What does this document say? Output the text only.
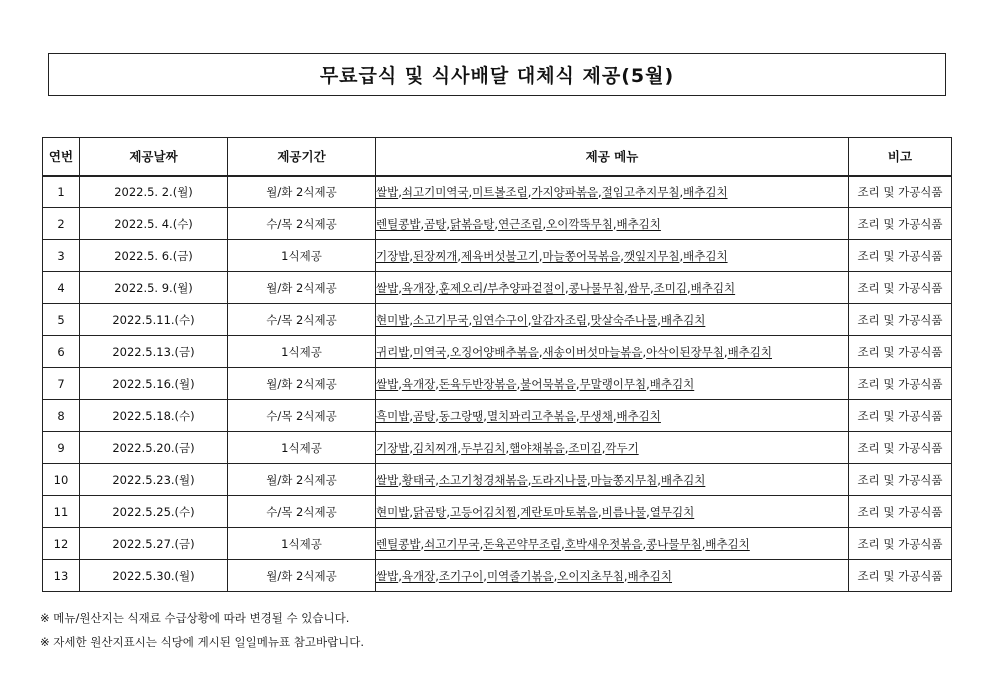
무료급식 및 식사배달 대체식 제공(5월)
연번	제공날짜	제공기간	제공 메뉴	비고
1	2022.5. 2.(월)	월/화 2식제공	쌀밥,쇠고기미역국,미트볼조림,가지양파볶음,절임고추지무침,배추김치	조리 및 가공식품
2	2022.5. 4.(수)	수/목 2식제공	렌틸콩밥,곰탕,닭볶음탕,연근조림,오이깍뚝무침,배추김치	조리 및 가공식품
3	2022.5. 6.(금)	1식제공	기장밥,된장찌개,제육버섯불고기,마늘쫑어묵볶음,깻잎지무침,배추김치	조리 및 가공식품
4	2022.5. 9.(월)	월/화 2식제공	쌀밥,육개장,훈제오리/부추양파겉절이,콩나물무침,쌈무,조미김,배추김치	조리 및 가공식품
5	2022.5.11.(수)	수/목 2식제공	현미밥,소고기무국,임연수구이,알감자조림,맛살숙주나물,배추김치	조리 및 가공식품
6	2022.5.13.(금)	1식제공	귀리밥,미역국,오징어양배추볶음,새송이버섯마늘볶음,아삭이된장무침,배추김치	조리 및 가공식품
7	2022.5.16.(월)	월/화 2식제공	쌀밥,육개장,돈육두반장볶음,불어묵볶음,무말랭이무침,배추김치	조리 및 가공식품
8	2022.5.18.(수)	수/목 2식제공	흑미밥,곰탕,동그랑땡,멸치꽈리고추볶음,무생채,배추김치	조리 및 가공식품
9	2022.5.20.(금)	1식제공	기장밥,김치찌개,두부김치,햄야채볶음,조미김,깍두기	조리 및 가공식품
10	2022.5.23.(월)	월/화 2식제공	쌀밥,황태국,소고기청경채볶음,도라지나물,마늘쫑지무침,배추김치	조리 및 가공식품
11	2022.5.25.(수)	수/목 2식제공	현미밥,닭곰탕,고등어김치찜,계란토마토볶음,비름나물,열무김치	조리 및 가공식품
12	2022.5.27.(금)	1식제공	렌틸콩밥,쇠고기무국,돈육곤약무조림,호박새우젓볶음,콩나물무침,배추김치	조리 및 가공식품
13	2022.5.30.(월)	월/화 2식제공	쌀밥,육개장,조기구이,미역줄기볶음,오이지초무침,배추김치	조리 및 가공식품
※ 메뉴/원산지는 식재료 수급상황에 따라 변경될 수 있습니다.
※ 자세한 원산지표시는 식당에 게시된 일일메뉴표 참고바랍니다.
